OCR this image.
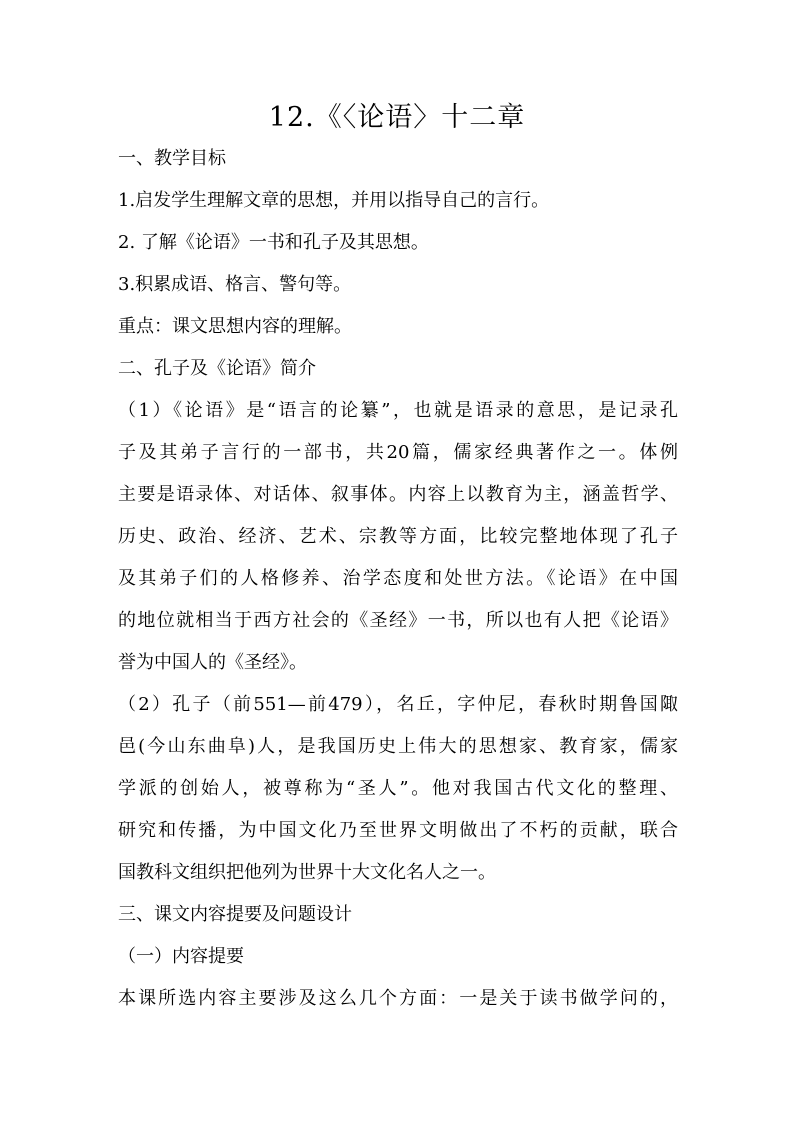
12.《〈论语〉十二章
一、教学目标
1.启发学生理解文章的思想，并用以指导自己的言行。
2. 了解《论语》一书和孔子及其思想。
3.积累成语、格言、警句等。
重点：课文思想内容的理解。
二、孔子及《论语》简介
（1）《论语》是“语言的论纂”，也就是语录的意思，是记录孔
子及其弟子言行的一部书，共20篇，儒家经典著作之一。体例
主要是语录体、对话体、叙事体。内容上以教育为主，涵盖哲学、
历史、政治、经济、艺术、宗教等方面，比较完整地体现了孔子
及其弟子们的人格修养、治学态度和处世方法。《论语》在中国
的地位就相当于西方社会的《圣经》一书，所以也有人把《论语》
誉为中国人的《圣经》。
（2）孔子（前551—前479），名丘，字仲尼，春秋时期鲁国陬
邑(今山东曲阜)人，是我国历史上伟大的思想家、教育家，儒家
学派的创始人，被尊称为“圣人”。他对我国古代文化的整理、
研究和传播，为中国文化乃至世界文明做出了不朽的贡献，联合
国教科文组织把他列为世界十大文化名人之一。
三、课文内容提要及问题设计
（一）内容提要
本课所选内容主要涉及这么几个方面：一是关于读书做学问的，
